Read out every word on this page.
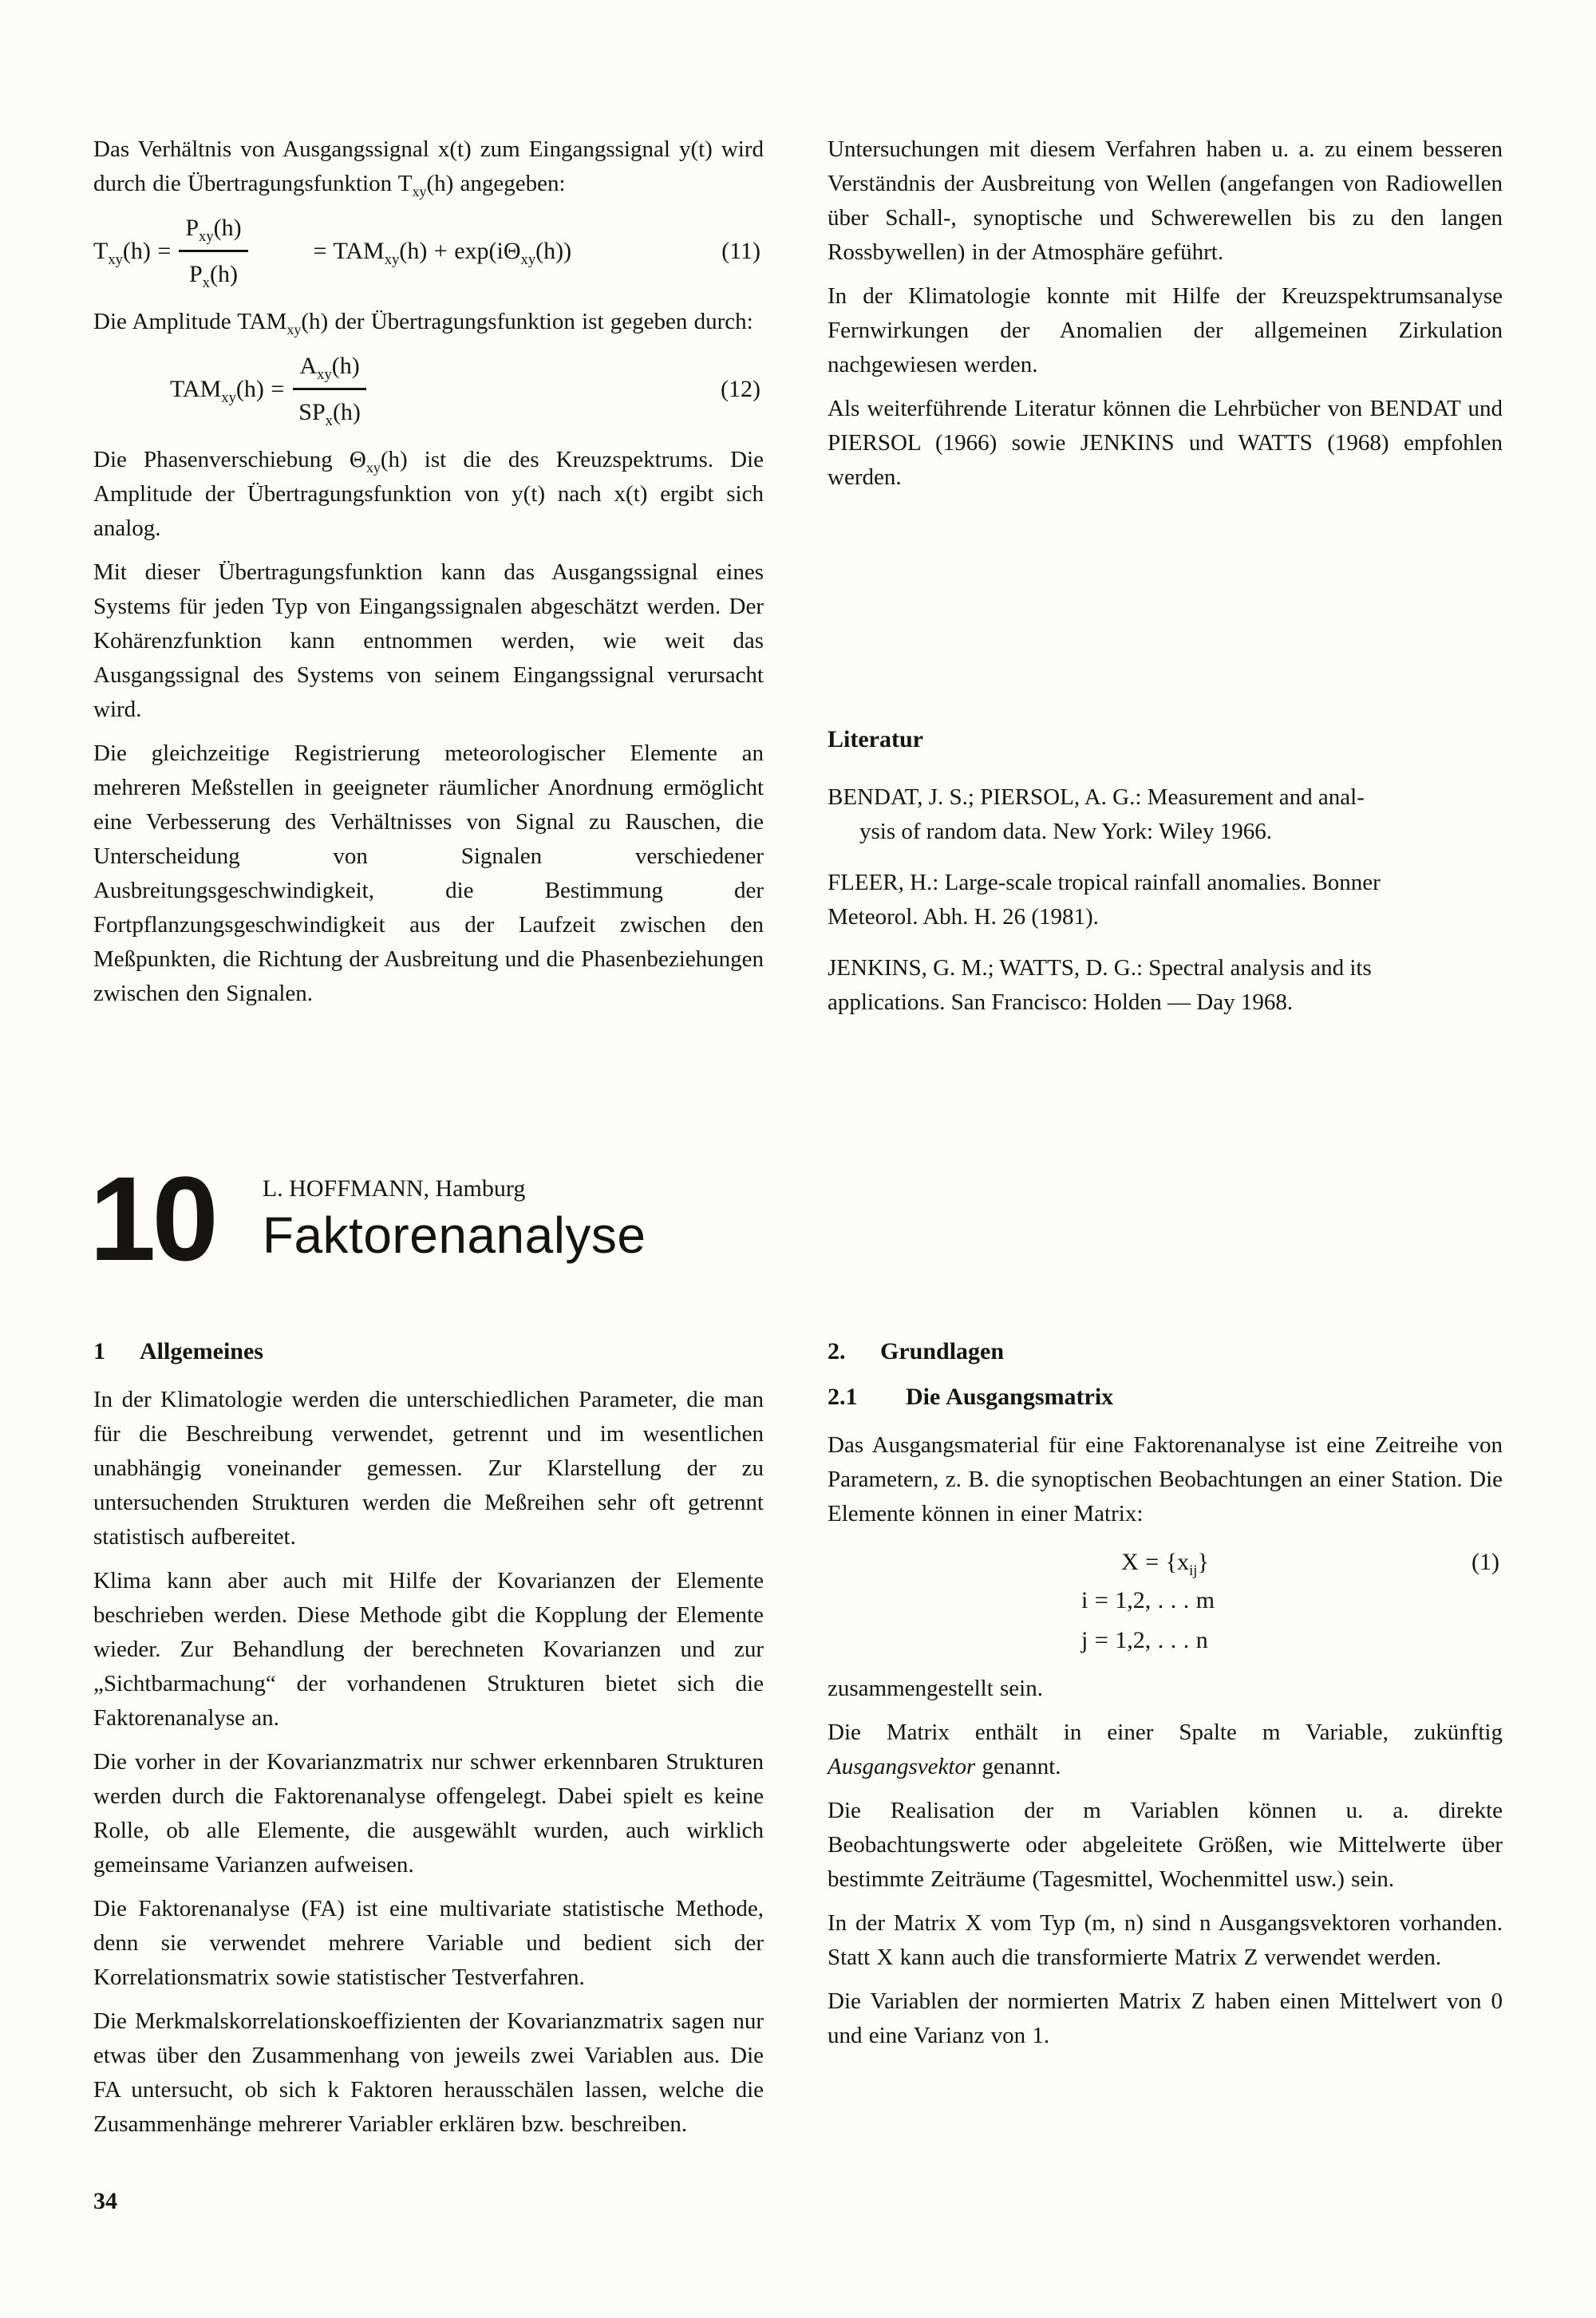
Das Verhältnis von Ausgangssignal x(t) zum Eingangssignal y(t) wird durch die Übertragungsfunktion $T_{xy}(h)$ angegeben:

$T_{xy}(h) = \frac{P_{xy}(h)}{P_x(h)}$	= $TAM_{xy}(h) + \exp(i\Theta_{xy}(h))$	(11)

Die Amplitude $TAM_{xy}(h)$ der Übertragungsfunktion ist gegeben durch:

$TAM_{xy}(h) = \frac{A_{xy}(h)}{SP_x(h)}$	(12)

Die Phasenverschiebung $\Theta_{xy}(h)$ ist die des Kreuzspektrums. Die Amplitude der Übertragungsfunktion von y(t) nach x(t) ergibt sich analog.

Mit dieser Übertragungsfunktion kann das Ausgangssignal eines Systems für jeden Typ von Eingangssignalen abgeschätzt werden. Der Kohärenzfunktion kann entnommen werden, wie weit das Ausgangssignal des Systems von seinem Eingangssignal verursacht wird.

Die gleichzeitige Registrierung meteorologischer Elemente an mehreren Meßstellen in geeigneter räumlicher Anordnung ermöglicht eine Verbesserung des Verhältnisses von Signal zu Rauschen, die Unterscheidung von Signalen verschiedener Ausbreitungsgeschwindigkeit, die Bestimmung der Fortpflanzungsgeschwindigkeit aus der Laufzeit zwischen den Meßpunkten, die Richtung der Ausbreitung und die Phasenbeziehungen zwischen den Signalen.

Untersuchungen mit diesem Verfahren haben u. a. zu einem besseren Verständnis der Ausbreitung von Wellen (angefangen von Radiowellen über Schall-, synoptische und Schwerewellen bis zu den langen Rossbywellen) in der Atmosphäre geführt.

In der Klimatologie konnte mit Hilfe der Kreuzspektrumsanalyse Fernwirkungen der Anomalien der allgemeinen Zirkulation nachgewiesen werden.

Als weiterführende Literatur können die Lehrbücher von BENDAT und PIERSOL (1966) sowie JENKINS und WATTS (1968) empfohlen werden.

Literatur
BENDAT, J. S.; PIERSOL, A. G.: Measurement and anal-
ysis of random data. New York: Wiley 1966.
FLEER, H.: Large-scale tropical rainfall anomalies. Bonner
Meteorol. Abh. H. 26 (1981).
JENKINS, G. M.; WATTS, D. G.: Spectral analysis and its
applications. San Francisco: Holden — Day 1968.
10 L. HOFFMANN, Hamburg
Faktorenanalyse
1 Allgemeines

In der Klimatologie werden die unterschiedlichen Parameter, die man für die Beschreibung verwendet, getrennt und im wesentlichen unabhängig voneinander gemessen. Zur Klarstellung der zu untersuchenden Strukturen werden die Meßreihen sehr oft getrennt statistisch aufbereitet.

Klima kann aber auch mit Hilfe der Kovarianzen der Elemente beschrieben werden. Diese Methode gibt die Kopplung der Elemente wieder. Zur Behandlung der berechneten Kovarianzen und zur „Sichtbarmachung“ der vorhandenen Strukturen bietet sich die Faktorenanalyse an.

Die vorher in der Kovarianzmatrix nur schwer erkennbaren Strukturen werden durch die Faktorenanalyse offengelegt. Dabei spielt es keine Rolle, ob alle Elemente, die ausgewählt wurden, auch wirklich gemeinsame Varianzen aufweisen.

Die Faktorenanalyse (FA) ist eine multivariate statistische Methode, denn sie verwendet mehrere Variable und bedient sich der Korrelationsmatrix sowie statistischer Testverfahren.

Die Merkmalskorrelationskoeffizienten der Kovarianzmatrix sagen nur etwas über den Zusammenhang von jeweils zwei Variablen aus. Die FA untersucht, ob sich k Faktoren herausschälen lassen, welche die Zusammenhänge mehrerer Variabler erklären bzw. beschreiben.

2. Grundlagen
2.1 Die Ausgangsmatrix

Das Ausgangsmaterial für eine Faktorenanalyse ist eine Zeitreihe von Parametern, z. B. die synoptischen Beobachtungen an einer Station. Die Elemente können in einer Matrix:

$X = \{x_{ij}\}$	(1)
i = 1,2, . . . m
j = 1,2, . . . n

zusammengestellt sein.

Die Matrix enthält in einer Spalte m Variable, zukünftig Ausgangsvektor genannt.

Die Realisation der m Variablen können u. a. direkte Beobachtungswerte oder abgeleitete Größen, wie Mittelwerte über bestimmte Zeiträume (Tagesmittel, Wochenmittel usw.) sein.

In der Matrix X vom Typ (m, n) sind n Ausgangsvektoren vorhanden. Statt X kann auch die transformierte Matrix Z verwendet werden.

Die Variablen der normierten Matrix Z haben einen Mittelwert von 0 und eine Varianz von 1.

34
